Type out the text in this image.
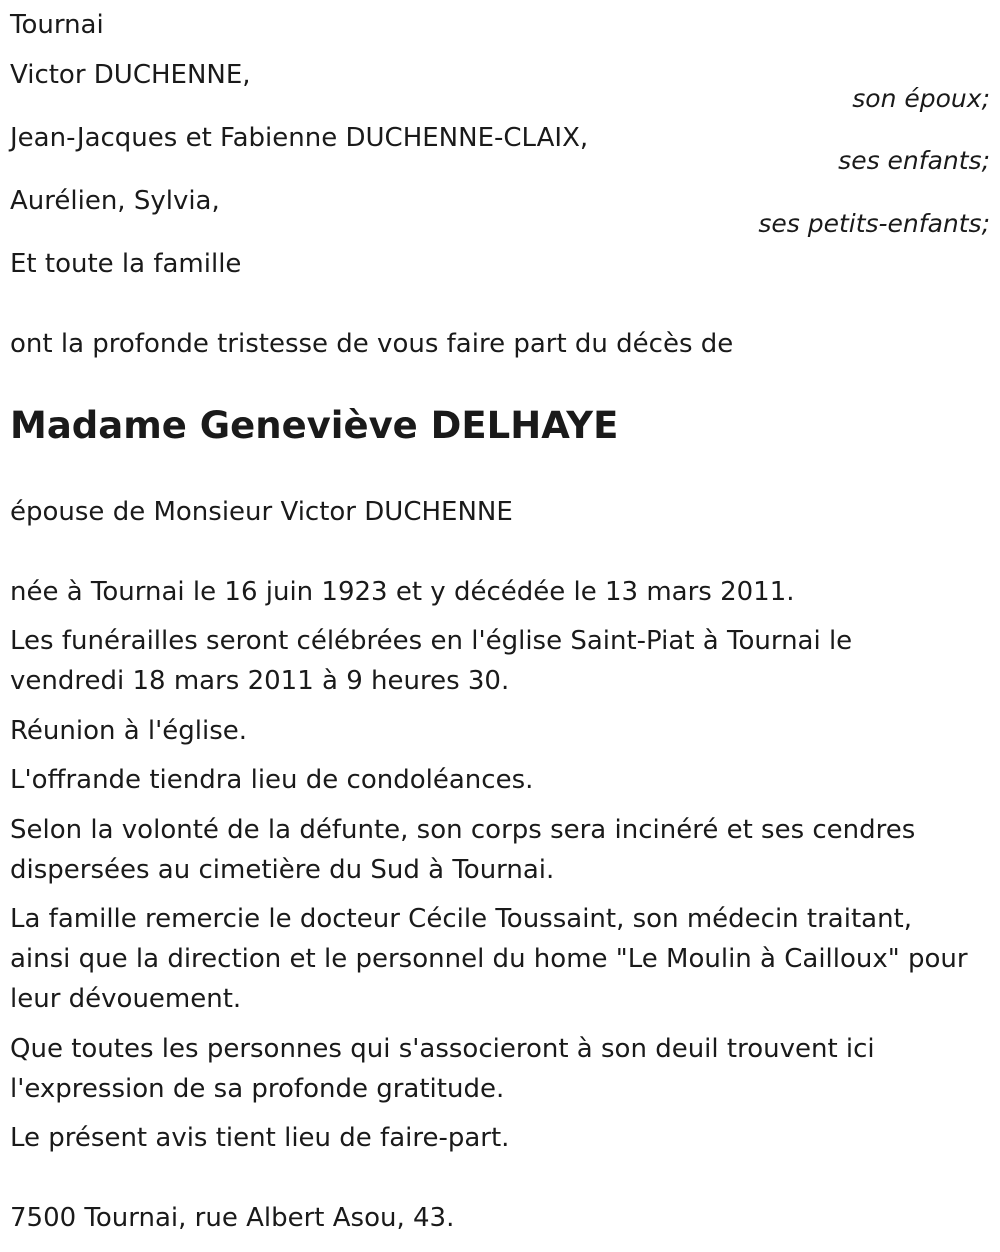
Tournai
Victor DUCHENNE,
son époux;
Jean-Jacques et Fabienne DUCHENNE-CLAIX,
ses enfants;
Aurélien, Sylvia,
ses petits-enfants;
Et toute la famille
ont la profonde tristesse de vous faire part du décès de
Madame Geneviève DELHAYE
épouse de Monsieur Victor DUCHENNE
née à Tournai le 16 juin 1923 et y décédée le 13 mars 2011.
Les funérailles seront célébrées en l'église Saint-Piat à Tournai le
vendredi 18 mars 2011 à 9 heures 30.
Réunion à l'église.
L'offrande tiendra lieu de condoléances.
Selon la volonté de la défunte, son corps sera incinéré et ses cendres
dispersées au cimetière du Sud à Tournai.
La famille remercie le docteur Cécile Toussaint, son médecin traitant,
ainsi que la direction et le personnel du home "Le Moulin à Cailloux" pour
leur dévouement.
Que toutes les personnes qui s'associeront à son deuil trouvent ici
l'expression de sa profonde gratitude.
Le présent avis tient lieu de faire-part.
7500 Tournai, rue Albert Asou, 43.
